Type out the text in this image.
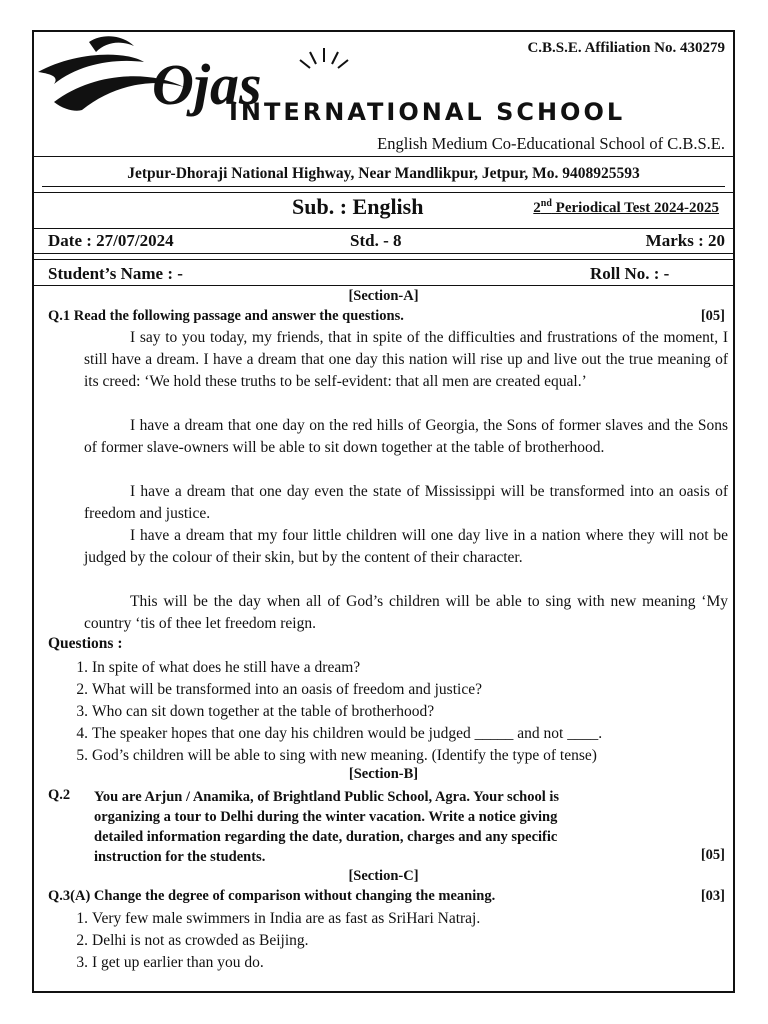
Ojas
INTERNATIONAL SCHOOL
C.B.S.E. Affiliation No. 430279
English Medium Co-Educational School of C.B.S.E.
Jetpur-Dhoraji National Highway, Near Mandlikpur, Jetpur, Mo. 9408925593
Sub. : English	2nd Periodical Test 2024-2025
Date : 27/07/2024	Std. - 8	Marks : 20
Student’s Name : -	Roll No. : -
[Section-A]
Q.1 Read the following passage and answer the questions.	[05]
I say to you today, my friends, that in spite of the difficulties and frustrations of the moment, I still have a dream. I have a dream that one day this nation will rise up and live out the true meaning of its creed: ‘We hold these truths to be self-evident: that all men are created equal.’
I have a dream that one day on the red hills of Georgia, the Sons of former slaves and the Sons of former slave-owners will be able to sit down together at the table of brotherhood.
I have a dream that one day even the state of Mississippi will be transformed into an oasis of freedom and justice.
I have a dream that my four little children will one day live in a nation where they will not be judged by the colour of their skin, but by the content of their character.
This will be the day when all of God’s children will be able to sing with new meaning ‘My country ‘tis of thee let freedom reign.
Questions :
1. In spite of what does he still have a dream?
2. What will be transformed into an oasis of freedom and justice?
3. Who can sit down together at the table of brotherhood?
4. The speaker hopes that one day his children would be judged _____ and not ____.
5. God’s children will be able to sing with new meaning. (Identify the type of tense)
[Section-B]
Q.2 You are Arjun / Anamika, of Brightland Public School, Agra. Your school is
organizing a tour to Delhi during the winter vacation. Write a notice giving
detailed information regarding the date, duration, charges and any specific
instruction for the students.	[05]
[Section-C]
Q.3(A) Change the degree of comparison without changing the meaning.	[03]
1. Very few male swimmers in India are as fast as SriHari Natraj.
2. Delhi is not as crowded as Beijing.
3. I get up earlier than you do.
